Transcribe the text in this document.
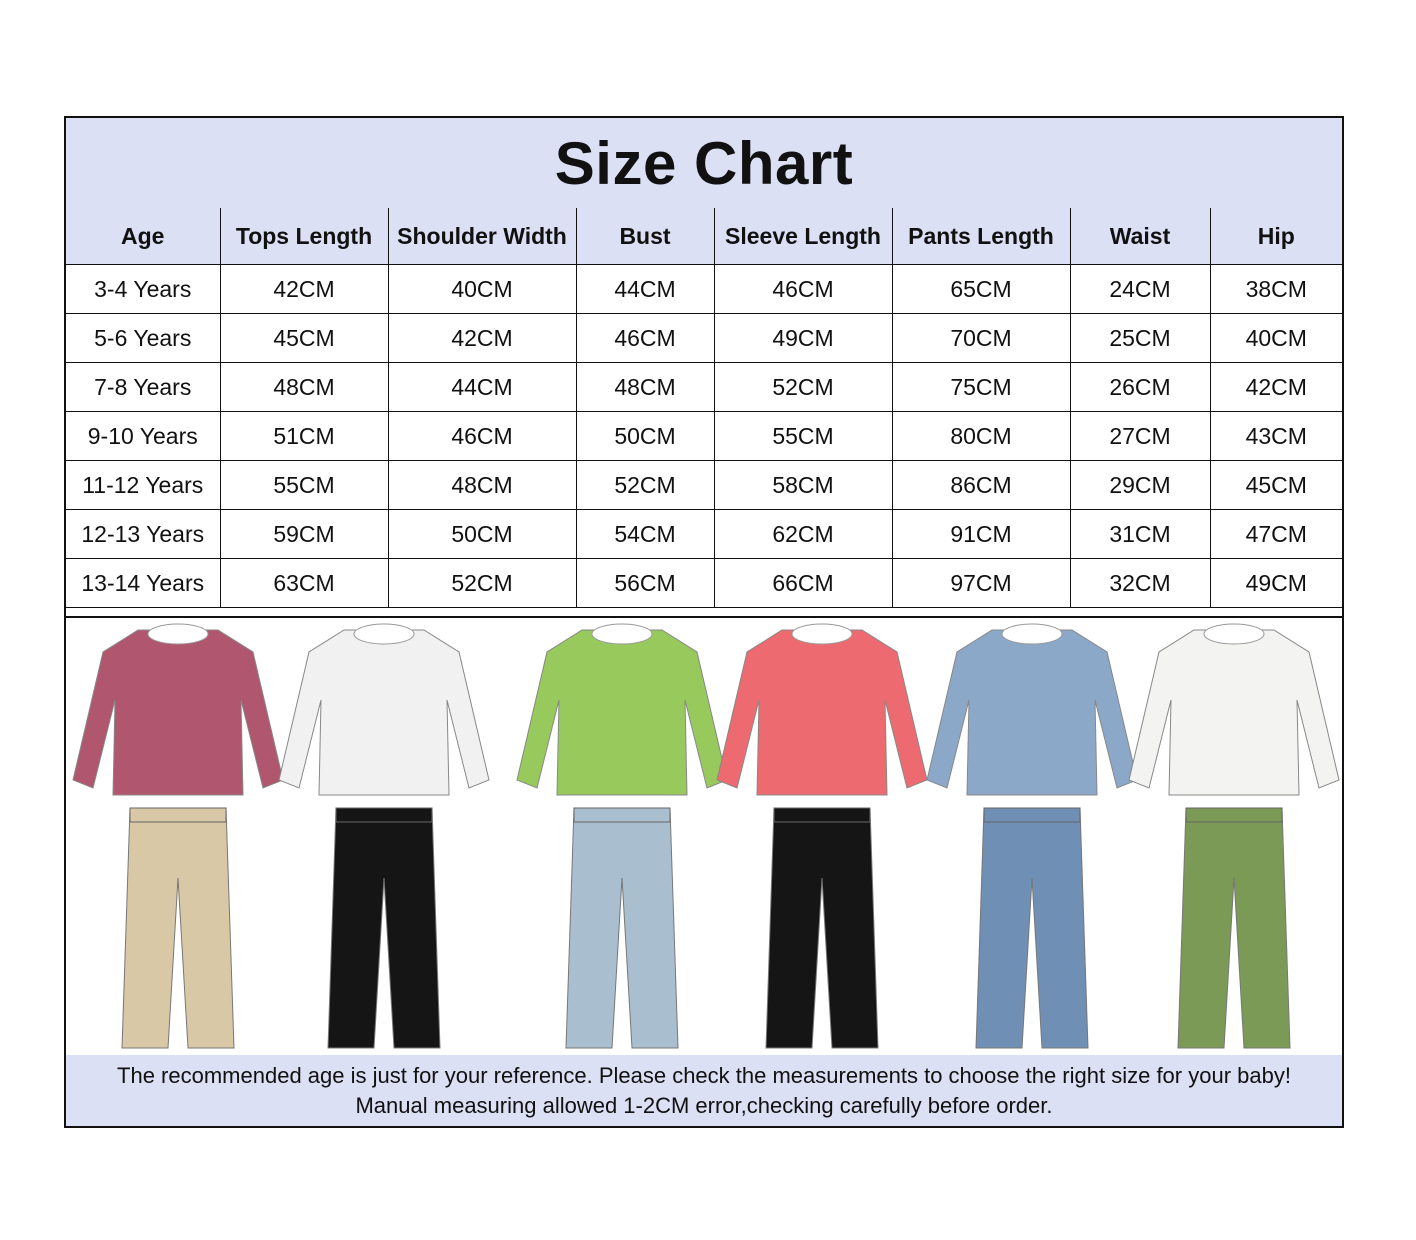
Size Chart
Age	Tops Length	Shoulder Width	Bust	Sleeve Length	Pants Length	Waist	Hip
3-4 Years	42CM	40CM	44CM	46CM	65CM	24CM	38CM
5-6 Years	45CM	42CM	46CM	49CM	70CM	25CM	40CM
7-8 Years	48CM	44CM	48CM	52CM	75CM	26CM	42CM
9-10 Years	51CM	46CM	50CM	55CM	80CM	27CM	43CM
11-12 Years	55CM	48CM	52CM	58CM	86CM	29CM	45CM
12-13 Years	59CM	50CM	54CM	62CM	91CM	31CM	47CM
13-14 Years	63CM	52CM	56CM	66CM	97CM	32CM	49CM

The recommended age is just for your reference. Please check the measurements to choose the right size for your baby!

Manual measuring allowed 1-2CM error,checking carefully before order.
